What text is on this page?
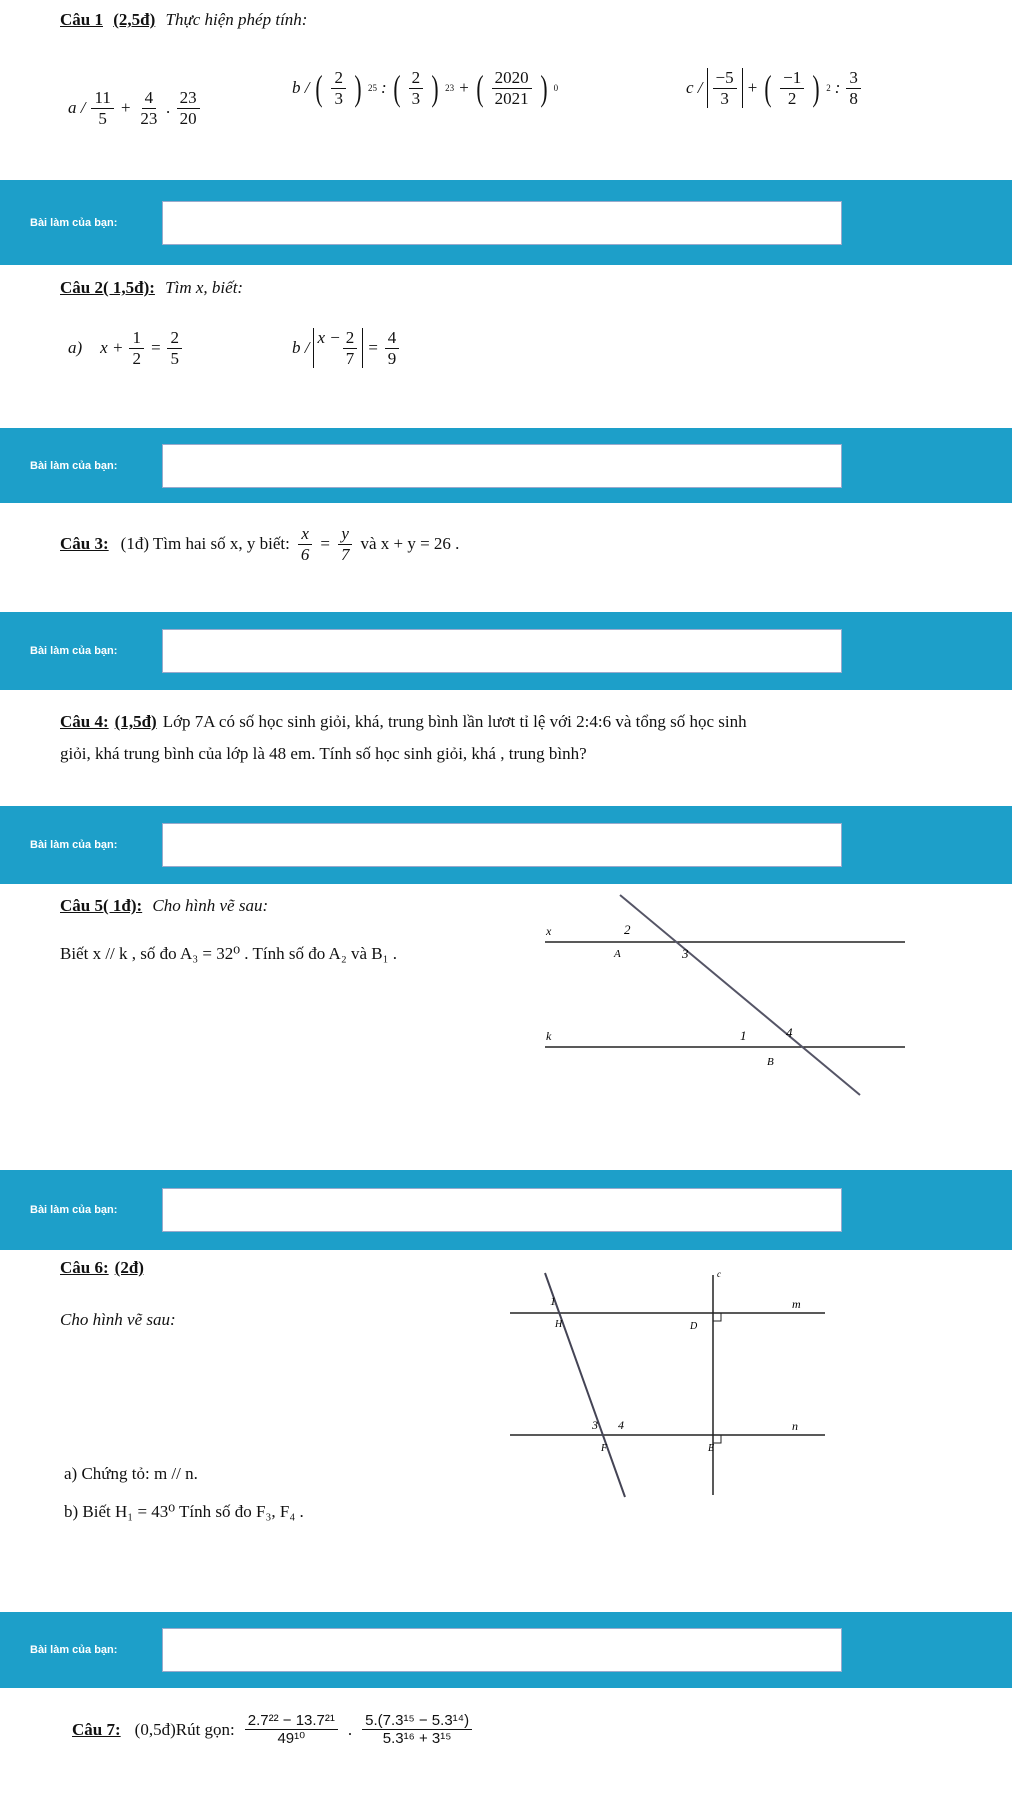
Câu 1 (2,5đ) Thực hiện phép tính:
$a / \frac{11}{5} + \frac{4}{23}$ . $\frac{23}{20}$
b / ( $\frac{2}{3}$ ) 25 : ( $\frac{2}{3}$ ) 23 + ( $\frac{2020}{2021}$ ) 0	c / $\frac{-5}{3}$ + ( $\frac{-1}{2}$ ) 2 : $\frac{3}{8}$
Bài làm của bạn:
Câu 2( 1,5đ): Tìm x, biết:
a) $x + \frac{1}{2} = \frac{2}{5}$	b /
$x - \frac{2}{7} = \frac{4}{9}$
Bài làm của bạn:
Câu 3: (1đ) Tìm hai số x, y biết: $\frac{x}{6} = \frac{y}{7}$ và x + y = 26 .
Bài làm của bạn:
Câu 4: (1,5đ) Lớp 7A có số học sinh giỏi, khá, trung bình lần lươt tỉ lệ với 2:4:6 và tổng số học sinh
giỏi, khá trung bình của lớp là 48 em. Tính số học sinh giỏi, khá , trung bình?
Bài làm của bạn:
Câu 5( 1đ): Cho hình vẽ sau:
Biết x // k , số đo A₃ = 32⁰ . Tính số đo A₂ và B₁ .
x
k
A
B
2
3
1	4
Bài làm của bạn:
Câu 6: (2đ)
Cho hình vẽ sau:
a) Chứng tỏ: m // n.
b) Biết H₁ = 43⁰ Tính số đo F₃, F₄ .
m
n
H	D
F	E
c
1
3 4
Bài làm của bạn:
Câu 7: (0,5đ)Rút gọn: $\frac{\text{2.7²² − 13.7²¹}}{\text{49¹⁰}}$ . $\frac{\text{5.(7.3¹⁵ − 5.3¹⁴)}}{\text{5.3¹⁶ + 3¹⁵}}$
